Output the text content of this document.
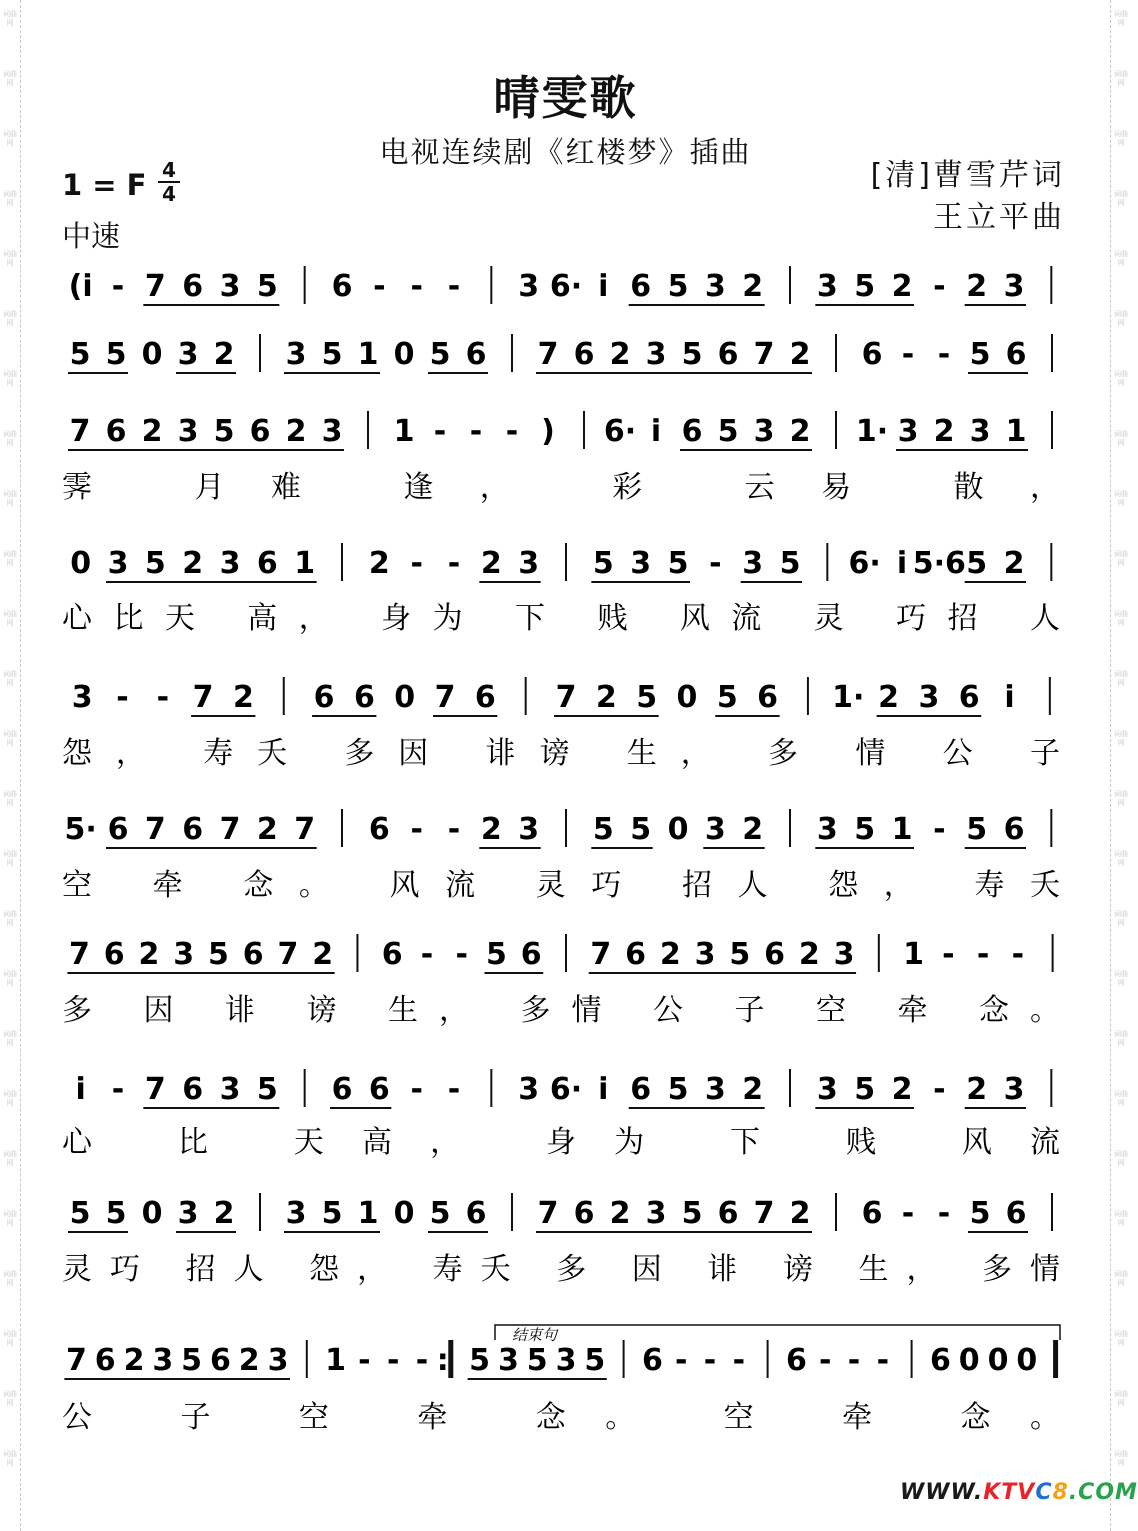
词曲网
词曲网
词曲网
词曲网
词曲网
词曲网
词曲网
词曲网
词曲网
词曲网
词曲网
词曲网
词曲网
词曲网
词曲网
词曲网
词曲网
词曲网
词曲网
词曲网
词曲网
词曲网
词曲网
词曲网
词曲网
词曲网
词曲网
词曲网
词曲网
词曲网
词曲网
词曲网
词曲网
词曲网
词曲网
词曲网
词曲网
词曲网
词曲网
词曲网
词曲网
词曲网
词曲网
词曲网
词曲网
词曲网
词曲网
词曲网
词曲网
词曲网
晴雯歌
电视连续剧《红楼梦》插曲
[清]曹雪芹词
王立平曲
1 = F 4
4
中速
(i̇ - 7 6 3 5 6 - - - 3 6· i̇ 6 5 3 2 3 5 2 - 2 3
5 5 0 3 2 3 5 1 0 5 6 7 6 2 3 5 6 7 2 6 - - 5 6
7 6 2 3 5 6 2 3 1 - - - ) 6· i̇ 6 5 3 2 1· 3 2 3 1
霁 月难 逢， 彩 云易 散，
0 3 5 2 3 6 1 2 - - 2 3 5 3 5 - 3 5 6· i̇ 5·6 5 2
心比天 高， 身为 下 贱 风流 灵 巧招 人
3 - - 7 2 6 6 0 7 6 7 2 5 0 5 6 1· 2 3 6 i̇
怨， 寿夭 多因 诽谤 生， 多 情 公 子
5· 6 7 6 7 2 7 6 - - 2 3 5 5 0 3 2 3 5 1 - 5 6
空 牵 念。 风流 灵巧 招人 怨， 寿夭
7 6 2 3 5 6 7 2 6 - - 5 6 7 6 2 3 5 6 2 3 1 - - -
多 因 诽 谤 生， 多情 公 子 空 牵 念。
i̇ - 7 6 3 5 6 6 - - 3 6· i̇ 6 5 3 2 3 5 2 - 2 3
心 比 天高， 身为 下 贱 风流
5 5 0 3 2 3 5 1 0 5 6 7 6 2 3 5 6 7 2 6 - - 5 6
灵巧 招人 怨， 寿夭 多 因 诽 谤 生， 多情
7 6 2 3 5 6 2 3 1 - - - : 5 3 5 3 5 6 - - - 6 - - - 6 0 0 0
公 子 空 牵 念。 空 牵 念。
结束句
WWW.KTVC8.COM
